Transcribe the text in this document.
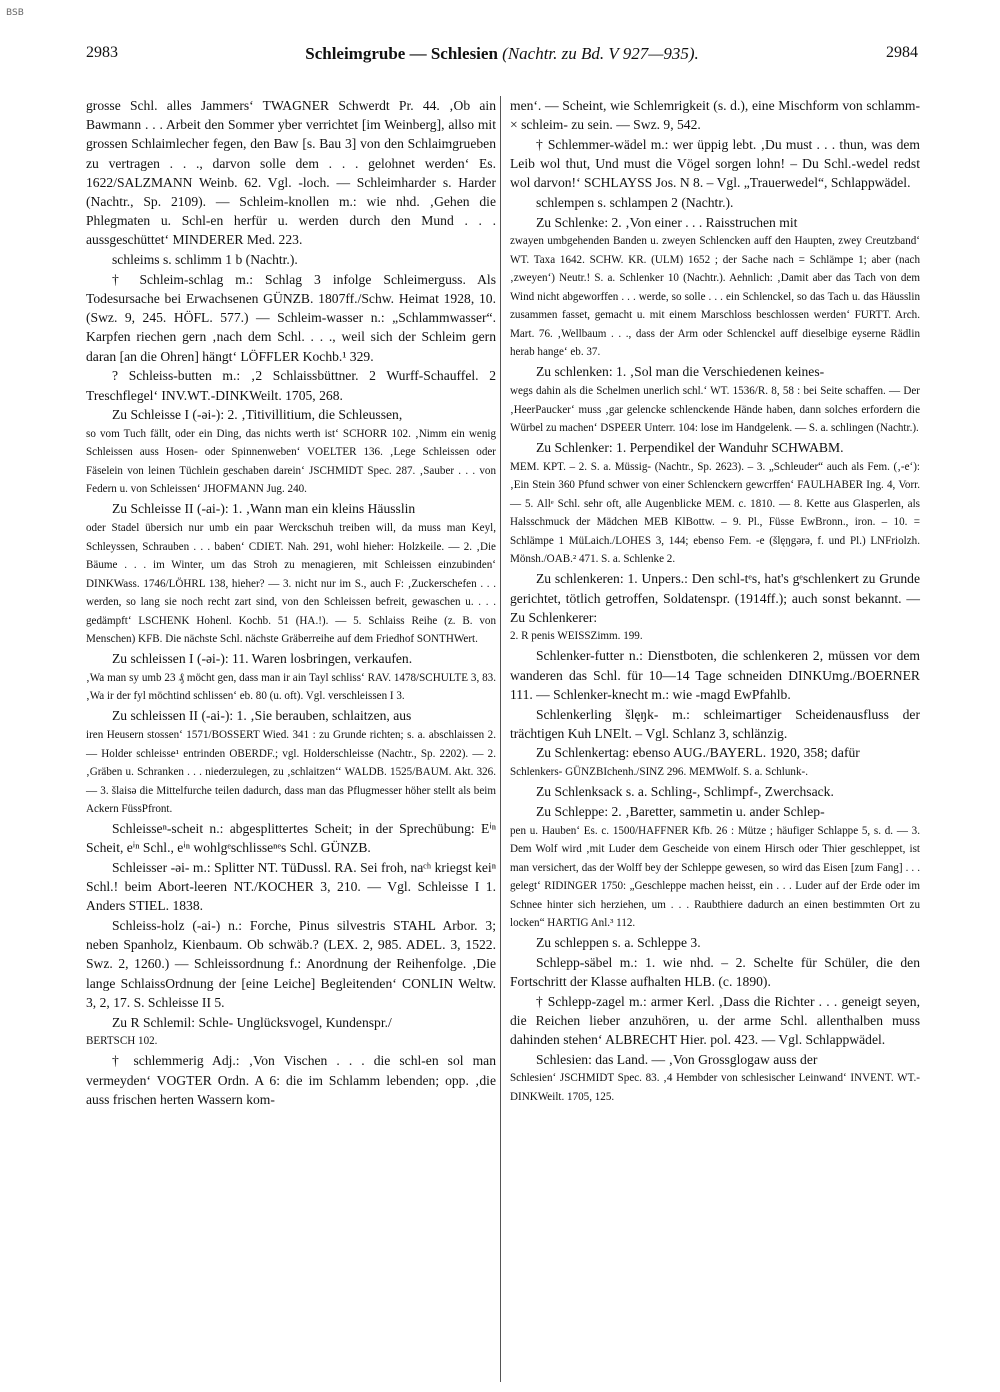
BSB
2983	Schleimgrube — Schlesien (Nachtr. zu Bd. V 927—935).	2984

grosse Schl. alles Jammers‘ TWAGNER Schwerdt Pr. 44. ‚Ob ain Bawmann . . . Arbeit den Sommer yber verrichtet [im Weinberg], allso mit grossen Schlaimlecher fegen, den Baw [s. Bau 3] von den Schlaimgrueben zu vertragen . . ., darvon solle dem . . . gelohnet werden‘ Es. 1622/SALZMANN Weinb. 62. Vgl. -loch. — Schleimharder s. Harder (Nachtr., Sp. 2109). — Schleim-knollen m.: wie nhd. ‚Gehen die Phlegmaten u. Schl-en herfür u. werden durch den Mund . . . aussgeschüttet‘ MINDERER Med. 223.

schleims s. schlimm 1 b (Nachtr.).

† Schleim-schlag m.: Schlag 3 infolge Schleimerguss. Als Todesursache bei Erwachsenen GÜNZB. 1807ff./Schw. Heimat 1928, 10. (Swz. 9, 245. HÖFL. 577.) — Schleim-wasser n.: „Schlammwasser“. Karpfen riechen gern ‚nach dem Schl. . . ., weil sich der Schleim gern daran [an die Ohren] hängt‘ LÖFFLER Kochb.¹ 329.

? Schleiss-butten m.: ‚2 Schlaissbüttner. 2 Wurff-Schauffel. 2 Treschflegel‘ INV.WT.-DINKWeilt. 1705, 268.

Zu Schleisse I (-əi-): 2. ‚Titivillitium, die Schleussen,

so vom Tuch fällt, oder ein Ding, das nichts werth ist‘ SCHORR 102. ‚Nimm ein wenig Schleissen auss Hosen- oder Spinnenweben‘ VOELTER 136. ‚Lege Schleissen oder Fäselein von leinen Tüchlein geschaben darein‘ JSCHMIDT Spec. 287. ‚Sauber . . . von Federn u. von Schleissen‘ JHOFMANN Jug. 240.

Zu Schleisse II (-ai-): 1. ‚Wann man ein kleins Häusslin

oder Stadel übersich nur umb ein paar Werckschuh treiben will, da muss man Keyl, Schleyssen, Schrauben . . . baben‘ CDIET. Nah. 291, wohl hieher: Holzkeile. — 2. ‚Die Bäume . . . im Winter, um das Stroh zu menagieren, mit Schleissen einzubinden‘ DINKWass. 1746/LÖHRL 138, hieher? — 3. nicht nur im S., auch F: ‚Zuckerschefen . . . werden, so lang sie noch recht zart sind, von den Schleissen befreit, gewaschen u. . . . gedämpft‘ LSCHENK Hohenl. Kochb. 51 (HA.!). — 5. Schlaiss Reihe (z. B. von Menschen) KFB. Die nächste Schl. nächste Gräberreihe auf dem Friedhof SONTHWert.

Zu schleissen I (-əi-): 11. Waren losbringen, verkaufen.

‚Wa man sy umb 23 ₰ möcht gen, dass man ir ain Tayl schliss‘ RAV. 1478/SCHULTE 3, 83. ‚Wa ir der fyl möchtind schlissen‘ eb. 80 (u. oft). Vgl. verschleissen I 3.

Zu schleissen II (-ai-): 1. ‚Sie berauben, schlaitzen, aus

iren Heusern stossen‘ 1571/BOSSERT Wied. 341 : zu Grunde richten; s. a. abschlaissen 2. — Holder schleisse¹ entrinden OBERDF.; vgl. Holderschleisse (Nachtr., Sp. 2202). — 2. ‚Gräben u. Schranken . . . niederzulegen, zu ‚schlaitzen‘‘ WALDB. 1525/BAUM. Akt. 326. — 3. šlaisə die Mittelfurche teilen dadurch, dass man das Pflugmesser höher stellt als beim Ackern FüssPfront.

Schleisseⁿ-scheit n.: abgesplittertes Scheit; in der Sprechübung: Eⁱⁿ Scheit, eⁱⁿ Schl., eⁱⁿ wohlgᵉschlisseⁿᵉs Schl. GÜNZB.

Schleisser -əi- m.: Splitter NT. TüDussl. RA. Sei froh, naᶜʰ kriegst keiⁿ Schl.! beim Abort-leeren NT./KOCHER 3, 210. — Vgl. Schleisse I 1. Anders STIEL. 1838.

Schleiss-holz (-ai-) n.: Forche, Pinus silvestris STAHL Arbor. 3; neben Spanholz, Kienbaum. Ob schwäb.? (LEX. 2, 985. ADEL. 3, 1522. Swz. 2, 1260.) — Schleissordnung f.: Anordnung der Reihenfolge. ‚Die lange SchlaissOrdnung der [eine Leiche] Begleitenden‘ CONLIN Weltw. 3, 2, 17. S. Schleisse II 5.

Zu R Schlemil: Schle- Unglücksvogel, Kundenspr./

BERTSCH 102.

† schlemmerig Adj.: ‚Von Vischen . . . die schl-en sol man vermeyden‘ VOGTER Ordn. A 6: die im Schlamm lebenden; opp. ‚die auss frischen herten Wassern kom-

men‘. — Scheint, wie Schlemrigkeit (s. d.), eine Mischform von schlamm- × schleim- zu sein. — Swz. 9, 542.

† Schlemmer-wädel m.: wer üppig lebt. ‚Du must . . . thun, was dem Leib wol thut, Und must die Vögel sorgen lohn! – Du Schl.-wedel redst wol darvon!‘ SCHLAYSS Jos. N 8. – Vgl. „Trauerwedel“, Schlappwädel.

schlempen s. schlampen 2 (Nachtr.).

Zu Schlenke: 2. ‚Von einer . . . Raisstruchen mit

zwayen umbgehenden Banden u. zweyen Schlencken auff den Haupten, zwey Creutzband‘ WT. Taxa 1642. SCHW. KR. (ULM) 1652 ; der Sache nach = Schlämpe 1; aber (nach ‚zweyen‘) Neutr.! S. a. Schlenker 10 (Nachtr.). Aehnlich: ‚Damit aber das Tach von dem Wind nicht abgeworffen . . . werde, so solle . . . ein Schlenckel, so das Tach u. das Häusslin zusammen fasset, gemacht u. mit einem Marschloss beschlossen werden‘ FURTT. Arch. Mart. 76. ‚Wellbaum . . ., dass der Arm oder Schlenckel auff dieselbige eyserne Rädlin herab hange‘ eb. 37.

Zu schlenken: 1. ‚Sol man die Verschiedenen keines-

wegs dahin als die Schelmen unerlich schl.‘ WT. 1536/R. 8, 58 : bei Seite schaffen. — Der ‚HeerPaucker‘ muss ‚gar gelencke schlenckende Hände haben, dann solches erfordern die Würbel zu machen‘ DSPEER Unterr. 104: lose im Handgelenk. — S. a. schlingen (Nachtr.).

Zu Schlenker: 1. Perpendikel der Wanduhr SCHWABM.

MEM. KPT. – 2. S. a. Müssig- (Nachtr., Sp. 2623). – 3. „Schleuder“ auch als Fem. (‚-e‘): ‚Ein Stein 360 Pfund schwer von einer Schlenckern gewcrffen‘ FAULHABER Ing. 4, Vorr. — 5. Allᵉ Schl. sehr oft, alle Augenblicke MEM. c. 1810. — 8. Kette aus Glasperlen, als Halsschmuck der Mädchen MEB KlBottw. – 9. Pl., Füsse EwBronn., iron. – 10. = Schlämpe 1 MüLaich./LOHES 3, 144; ebenso Fem. -e (šlęŋgərə, f. und Pl.) LNFriolzh. Mönsh./OAB.² 471. S. a. Schlenke 2.

Zu schlenkeren: 1. Unpers.: Den schl-tᵉs, hat's gᵉschlenkert zu Grunde gerichtet, tötlich getroffen, Soldatenspr. (1914ff.); auch sonst bekannt. — Zu Schlenkerer:

2. R penis WEISSZimm. 199.

Schlenker-futter n.: Dienstboten, die schlenkeren 2, müssen vor dem wanderen das Schl. für 10—14 Tage schneiden DINKUmg./BOERNER 111. — Schlenker-knecht m.: wie -magd EwPfahlb.

Schlenkerling šlęŋk- m.: schleimartiger Scheidenausfluss der trächtigen Kuh LNElt. – Vgl. Schlanz 3, schlänzig.

Zu Schlenkertag: ebenso AUG./BAYERL. 1920, 358; dafür

Schlenkers- GÜNZBIchenh./SINZ 296. MEMWolf. S. a. Schlunk-.

Zu Schlenksack s. a. Schling-, Schlimpf-, Zwerchsack.

Zu Schleppe: 2. ‚Baretter, sammetin u. ander Schlep-

pen u. Hauben‘ Es. c. 1500/HAFFNER Kfb. 26 : Mütze ; häufiger Schlappe 5, s. d. — 3. Dem Wolf wird ‚mit Luder dem Gescheide von einem Hirsch oder Thier geschleppet, ist man versichert, das der Wolff bey der Schleppe gewesen, so wird das Eisen [zum Fang] . . . gelegt‘ RIDINGER 1750: „Geschleppe machen heisst, ein . . . Luder auf der Erde oder im Schnee hinter sich herziehen, um . . . Raubthiere dadurch an einen bestimmten Ort zu locken“ HARTIG Anl.³ 112.

Zu schleppen s. a. Schleppe 3.

Schlepp-säbel m.: 1. wie nhd. – 2. Schelte für Schüler, die den Fortschritt der Klasse aufhalten HLB. (c. 1890).

† Schlepp-zagel m.: armer Kerl. ‚Dass die Richter . . . geneigt seyen, die Reichen lieber anzuhören, u. der arme Schl. allenthalben muss dahinden stehen‘ ALBRECHT Hier. pol. 423. — Vgl. Schlappwädel.

Schlesien: das Land. — ‚Von Grossglogaw auss der

Schlesien‘ JSCHMIDT Spec. 83. ‚4 Hembder von schlesischer Leinwand‘ INVENT. WT.-DINKWeilt. 1705, 125.
